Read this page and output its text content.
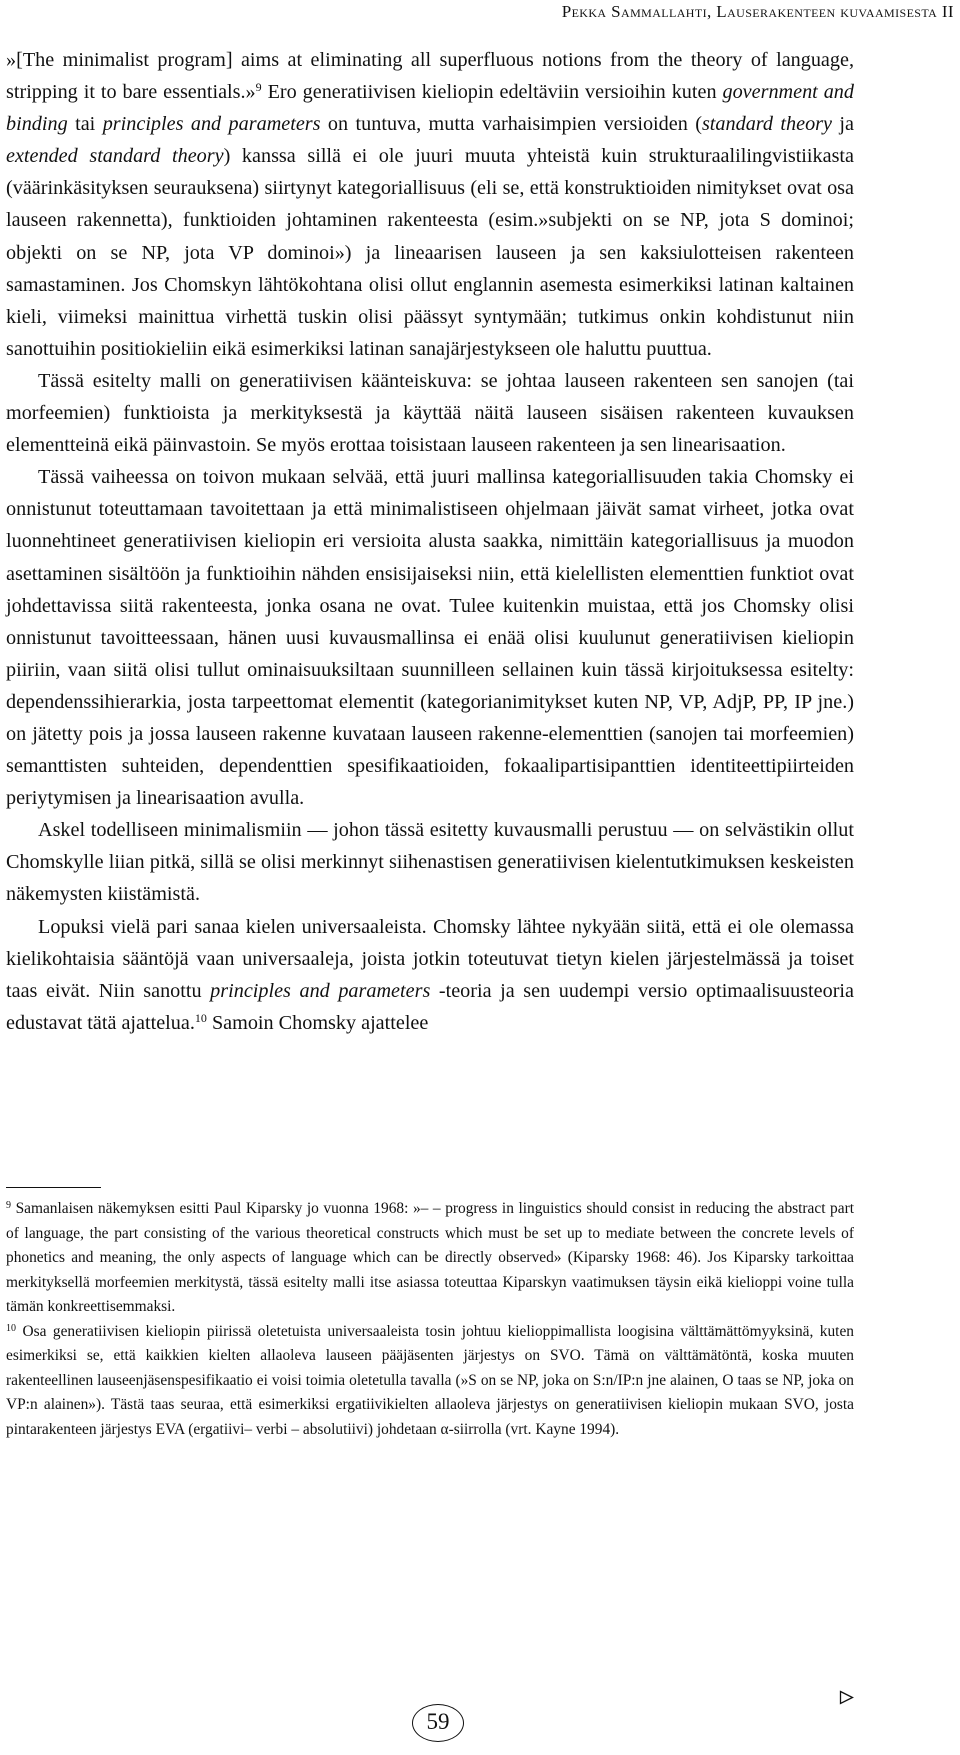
Pekka Sammallahti, Lauserakenteen kuvaamisesta II

»[The minimalist program] aims at eliminating all superfluous notions from the theory of language, stripping it to bare essentials.»$^9$ Ero generatiivisen kieliopin edeltäviin versioihin kuten government and binding tai principles and parameters on tuntuva, mutta varhaisimpien versioiden (standard theory ja extended standard theory) kanssa sillä ei ole juuri muuta yhteistä kuin strukturaalilingvistiikasta (väärinkäsityksen seurauksena) siirtynyt kategoriallisuus (eli se, että konstruktioiden nimitykset ovat osa lauseen rakennetta), funktioiden johtaminen rakenteesta (esim.»subjekti on se NP, jota S dominoi; objekti on se NP, jota VP dominoi») ja lineaarisen lauseen ja sen kaksiulotteisen rakenteen samastaminen. Jos Chomskyn lähtökohtana olisi ollut englannin asemesta esimerkiksi latinan kaltainen kieli, viimeksi mainittua virhettä tuskin olisi päässyt syntymään; tutkimus onkin kohdistunut niin sanottuihin positiokieliin eikä esimerkiksi latinan sanajärjestykseen ole haluttu puuttua.

Tässä esitelty malli on generatiivisen käänteiskuva: se johtaa lauseen rakenteen sen sanojen (tai morfeemien) funktioista ja merkityksestä ja käyttää näitä lauseen sisäisen rakenteen kuvauksen elementteinä eikä päinvastoin. Se myös erottaa toisistaan lauseen rakenteen ja sen linearisaation.

Tässä vaiheessa on toivon mukaan selvää, että juuri mallinsa kategoriallisuuden takia Chomsky ei onnistunut toteuttamaan tavoitettaan ja että minimalistiseen ohjelmaan jäivät samat virheet, jotka ovat luonnehtineet generatiivisen kieliopin eri versioita alusta saakka, nimittäin kategoriallisuus ja muodon asettaminen sisältöön ja funktioihin nähden ensisijaiseksi niin, että kielellisten elementtien funktiot ovat johdettavissa siitä rakenteesta, jonka osana ne ovat. Tulee kuitenkin muistaa, että jos Chomsky olisi onnistunut tavoitteessaan, hänen uusi kuvausmallinsa ei enää olisi kuulunut generatiivisen kieliopin piiriin, vaan siitä olisi tullut ominaisuuksiltaan suunnilleen sellainen kuin tässä kirjoituksessa esitelty: dependenssihierarkia, josta tarpeettomat elementit (kategorianimitykset kuten NP, VP, AdjP, PP, IP jne.) on jätetty pois ja jossa lauseen rakenne kuvataan lauseen rakenne-elementtien (sanojen tai morfeemien) semanttisten suhteiden, dependenttien spesifikaatioiden, fokaalipartisipanttien identiteettipiirteiden periytymisen ja linearisaation avulla.

Askel todelliseen minimalismiin — johon tässä esitetty kuvausmalli perustuu — on selvästikin ollut Chomskylle liian pitkä, sillä se olisi merkinnyt siihenastisen generatiivisen kielentutkimuksen keskeisten näkemysten kiistämistä.

Lopuksi vielä pari sanaa kielen universaaleista. Chomsky lähtee nykyään siitä, että ei ole olemassa kielikohtaisia sääntöjä vaan universaaleja, joista jotkin toteutuvat tietyn kielen järjestelmässä ja toiset taas eivät. Niin sanottu principles and parameters -teoria ja sen uudempi versio optimaalisuusteoria edustavat tätä ajattelua.$^{10}$ Samoin Chomsky ajattelee

$^9$ Samanlaisen näkemyksen esitti Paul Kiparsky jo vuonna 1968: »– – progress in linguistics should consist in reducing the abstract part of language, the part consisting of the various theoretical constructs which must be set up to mediate between the concrete levels of phonetics and meaning, the only aspects of language which can be directly observed» (Kiparsky 1968: 46). Jos Kiparsky tarkoittaa merkityksellä morfeemien merkitystä, tässä esitelty malli itse asiassa toteuttaa Kiparskyn vaatimuksen täysin eikä kielioppi voine tulla tämän konkreettisemmaksi.

$^{10}$ Osa generatiivisen kieliopin piirissä oletetuista universaaleista tosin johtuu kielioppimallista loogisina välttämättömyyksinä, kuten esimerkiksi se, että kaikkien kielten allaoleva lauseen pääjäsenten järjestys on SVO. Tämä on välttämätöntä, koska muuten rakenteellinen lauseenjäsenspesifikaatio ei voisi toimia oletetulla tavalla (»S on se NP, joka on S:n/IP:n jne alainen, O taas se NP, joka on VP:n alainen»). Tästä taas seuraa, että esimerkiksi ergatiivikielten allaoleva järjestys on generatiivisen kieliopin mukaan SVO, josta pintarakenteen järjestys EVA (ergatiivi– verbi – absolutiivi) johdetaan α-siirrolla (vrt. Kayne 1994).

59
